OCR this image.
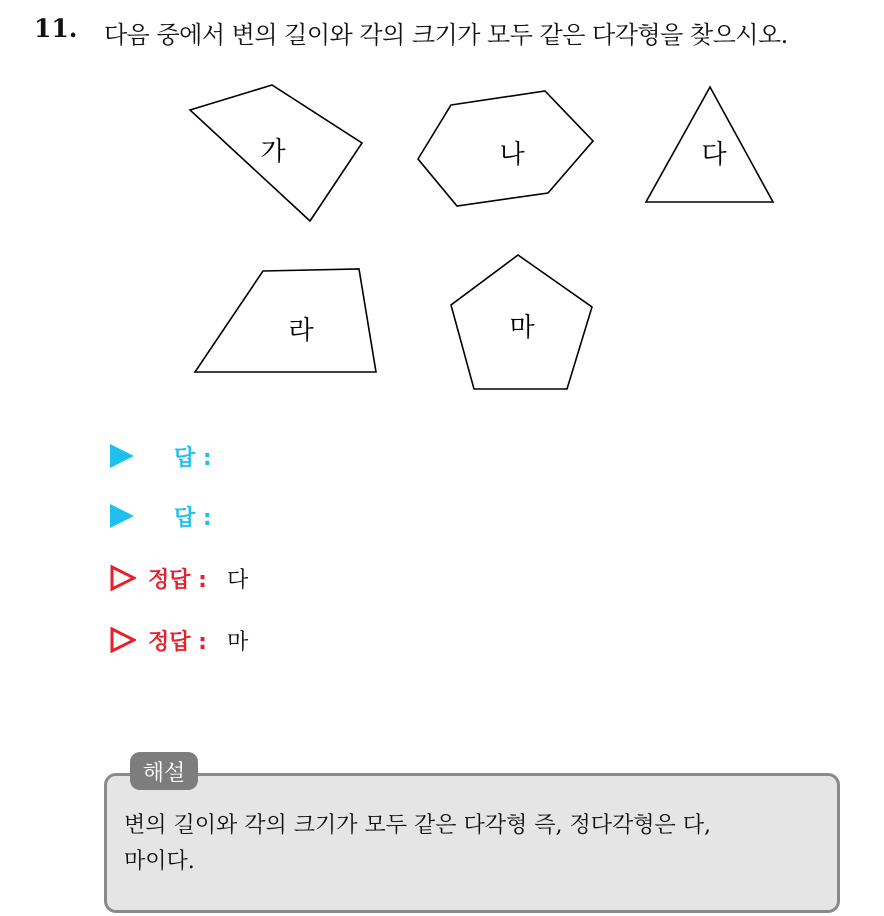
11. 다음 중에서 변의 길이와 각의 크기가 모두 같은 다각형을 찾으시오.
가	나	다
라	마
답 :
답 :
정답 : 다
정답 : 마
해설
변의 길이와 각의 크기가 모두 같은 다각형 즉, 정다각형은 다,
마이다.
